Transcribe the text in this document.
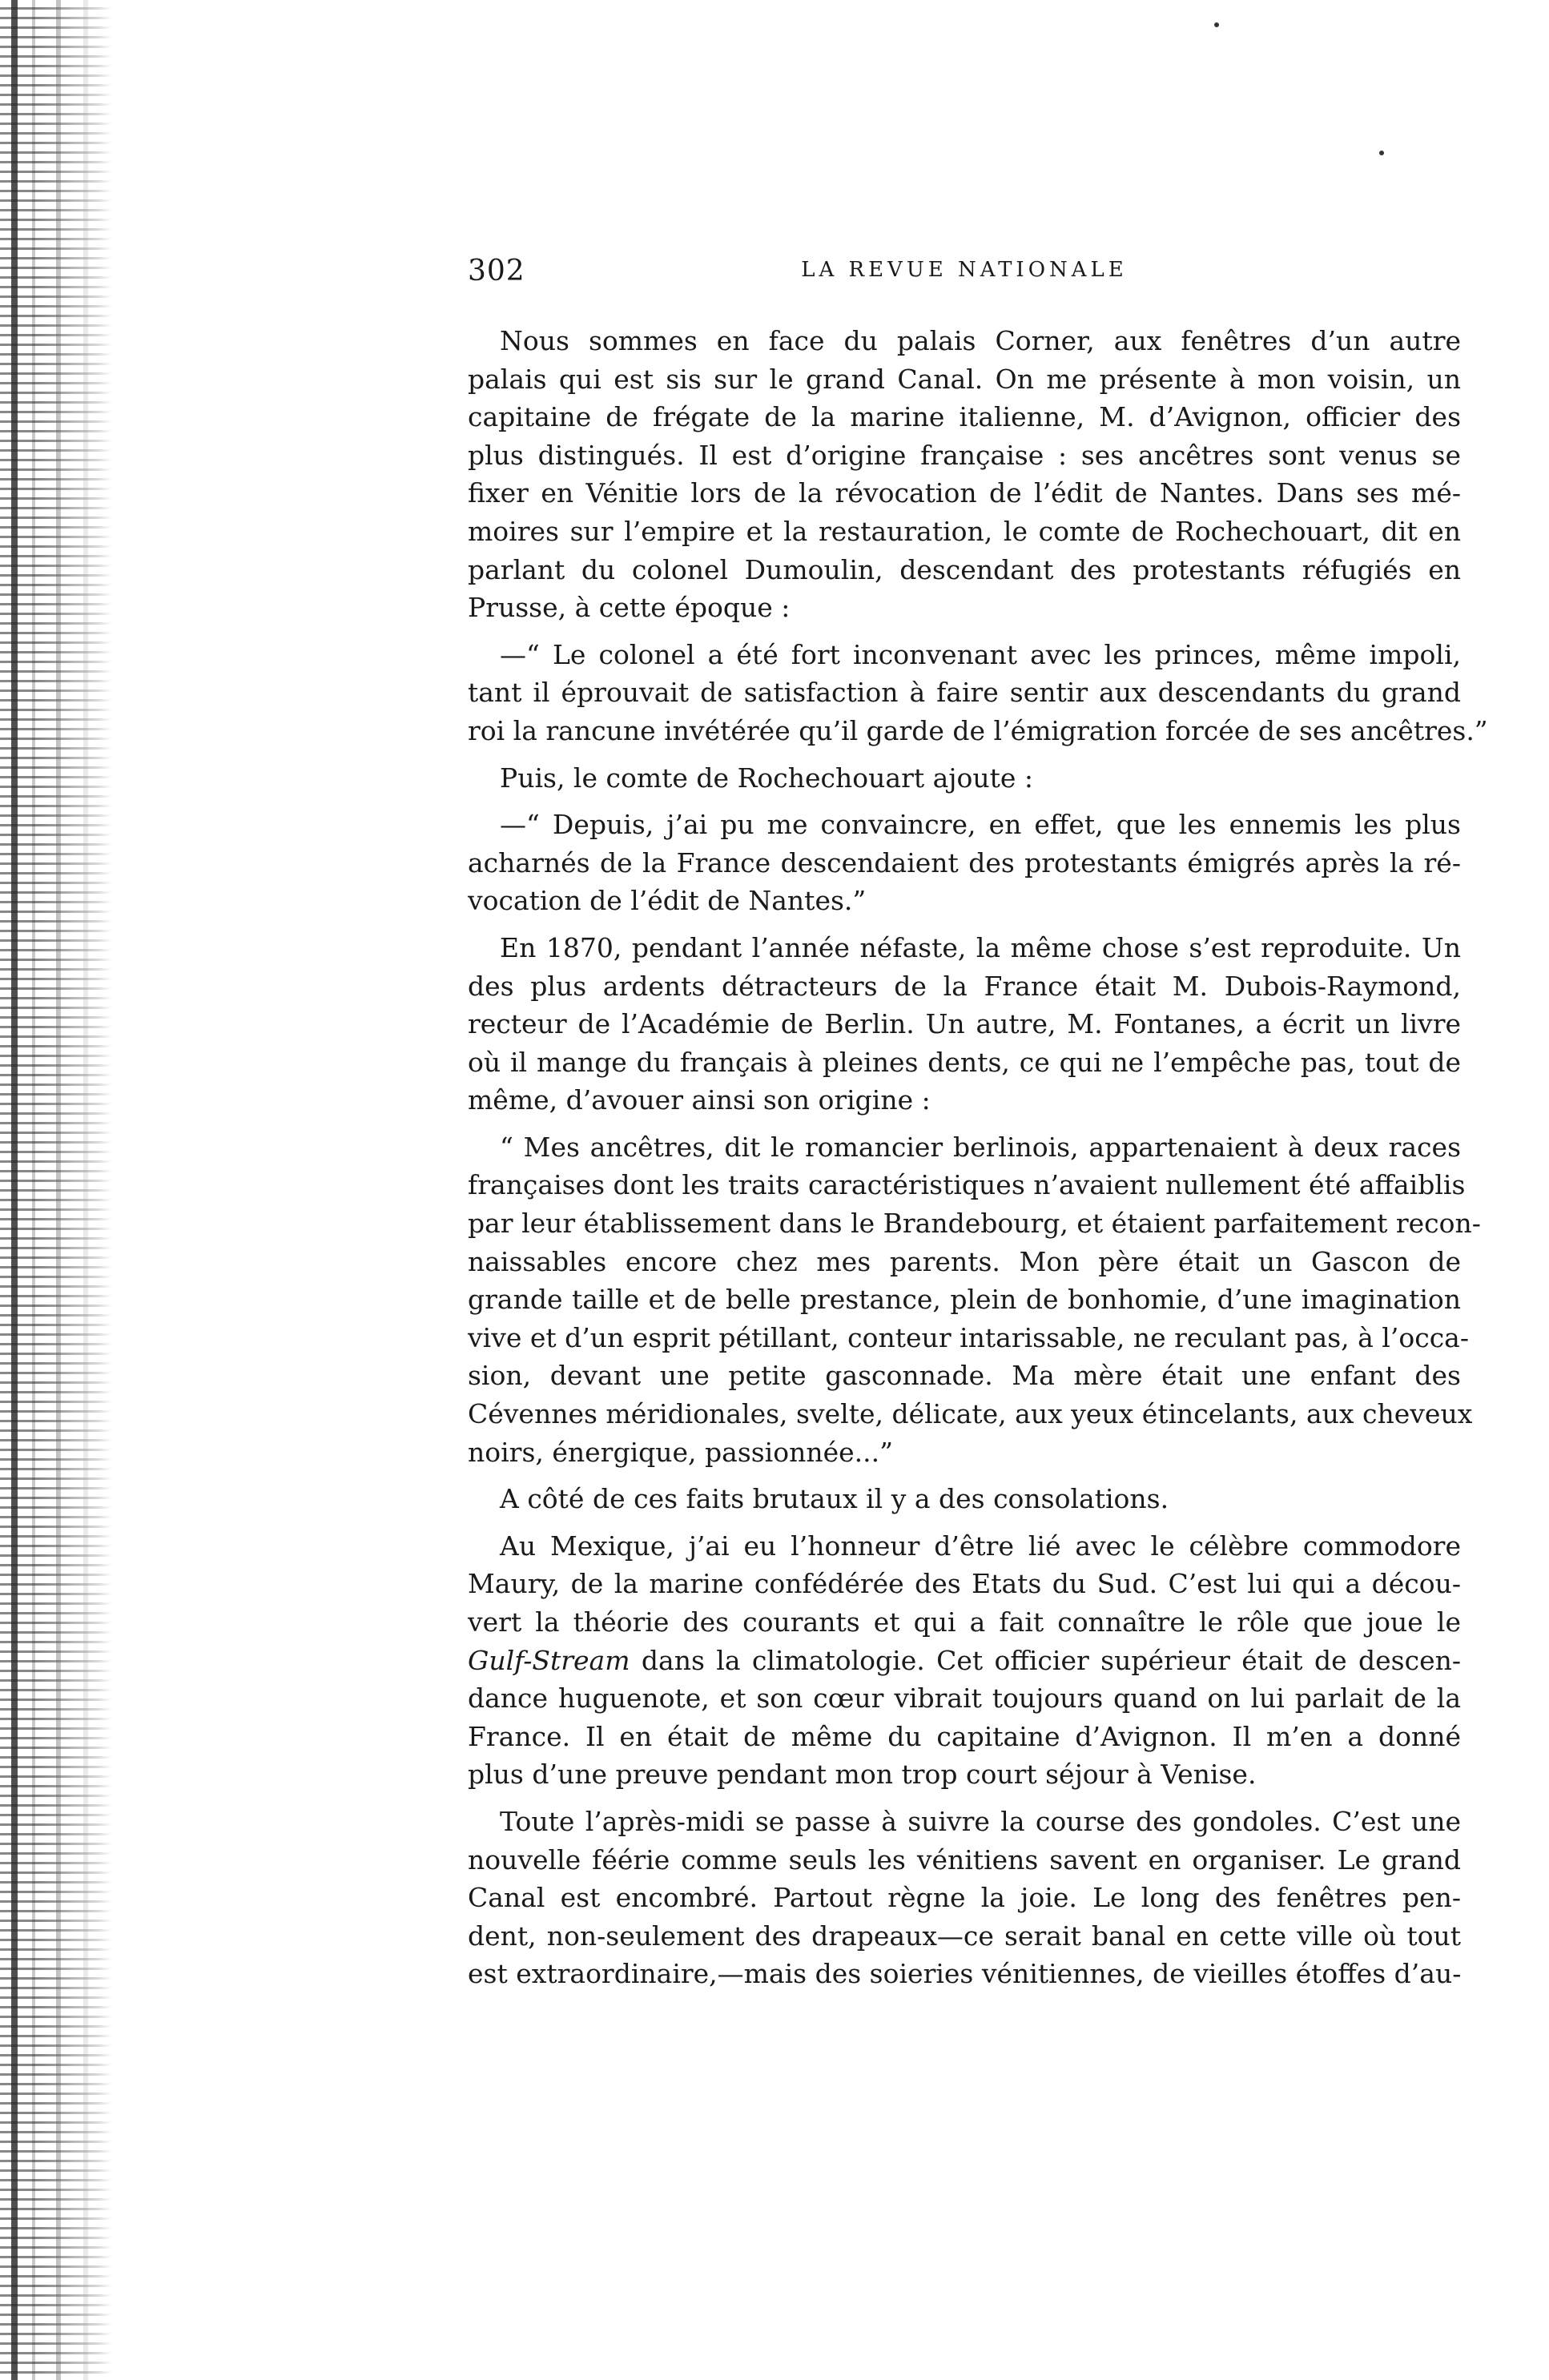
302	LA REVUE NATIONALE

Nous sommes en face du palais Corner, aux fenêtres d’un autre
palais qui est sis sur le grand Canal. On me présente à mon voisin, un
capitaine de frégate de la marine italienne, M. d’Avignon, officier des
plus distingués. Il est d’origine française : ses ancêtres sont venus se
fixer en Vénitie lors de la révocation de l’édit de Nantes. Dans ses mé-
moires sur l’empire et la restauration, le comte de Rochechouart, dit en
parlant du colonel Dumoulin, descendant des protestants réfugiés en
Prusse, à cette époque :

—“ Le colonel a été fort inconvenant avec les princes, même impoli,
tant il éprouvait de satisfaction à faire sentir aux descendants du grand
roi la rancune invétérée qu’il garde de l’émigration forcée de ses ancêtres.”

Puis, le comte de Rochechouart ajoute :

—“ Depuis, j’ai pu me convaincre, en effet, que les ennemis les plus
acharnés de la France descendaient des protestants émigrés après la ré-
vocation de l’édit de Nantes.”

En 1870, pendant l’année néfaste, la même chose s’est reproduite. Un
des plus ardents détracteurs de la France était M. Dubois-Raymond,
recteur de l’Académie de Berlin. Un autre, M. Fontanes, a écrit un livre
où il mange du français à pleines dents, ce qui ne l’empêche pas, tout de
même, d’avouer ainsi son origine :

“ Mes ancêtres, dit le romancier berlinois, appartenaient à deux races
françaises dont les traits caractéristiques n’avaient nullement été affaiblis
par leur établissement dans le Brandebourg, et étaient parfaitement recon-
naissables encore chez mes parents. Mon père était un Gascon de
grande taille et de belle prestance, plein de bonhomie, d’une imagination
vive et d’un esprit pétillant, conteur intarissable, ne reculant pas, à l’occa-
sion, devant une petite gasconnade. Ma mère était une enfant des
Cévennes méridionales, svelte, délicate, aux yeux étincelants, aux cheveux
noirs, énergique, passionnée...”

A côté de ces faits brutaux il y a des consolations.

Au Mexique, j’ai eu l’honneur d’être lié avec le célèbre commodore
Maury, de la marine confédérée des Etats du Sud. C’est lui qui a décou-
vert la théorie des courants et qui a fait connaître le rôle que joue le
Gulf-Stream dans la climatologie. Cet officier supérieur était de descen-
dance huguenote, et son cœur vibrait toujours quand on lui parlait de la
France. Il en était de même du capitaine d’Avignon. Il m’en a donné
plus d’une preuve pendant mon trop court séjour à Venise.

Toute l’après-midi se passe à suivre la course des gondoles. C’est une
nouvelle féérie comme seuls les vénitiens savent en organiser. Le grand
Canal est encombré. Partout règne la joie. Le long des fenêtres pen-
dent, non-seulement des drapeaux—ce serait banal en cette ville où tout
est extraordinaire,—mais des soieries vénitiennes, de vieilles étoffes d’au-
